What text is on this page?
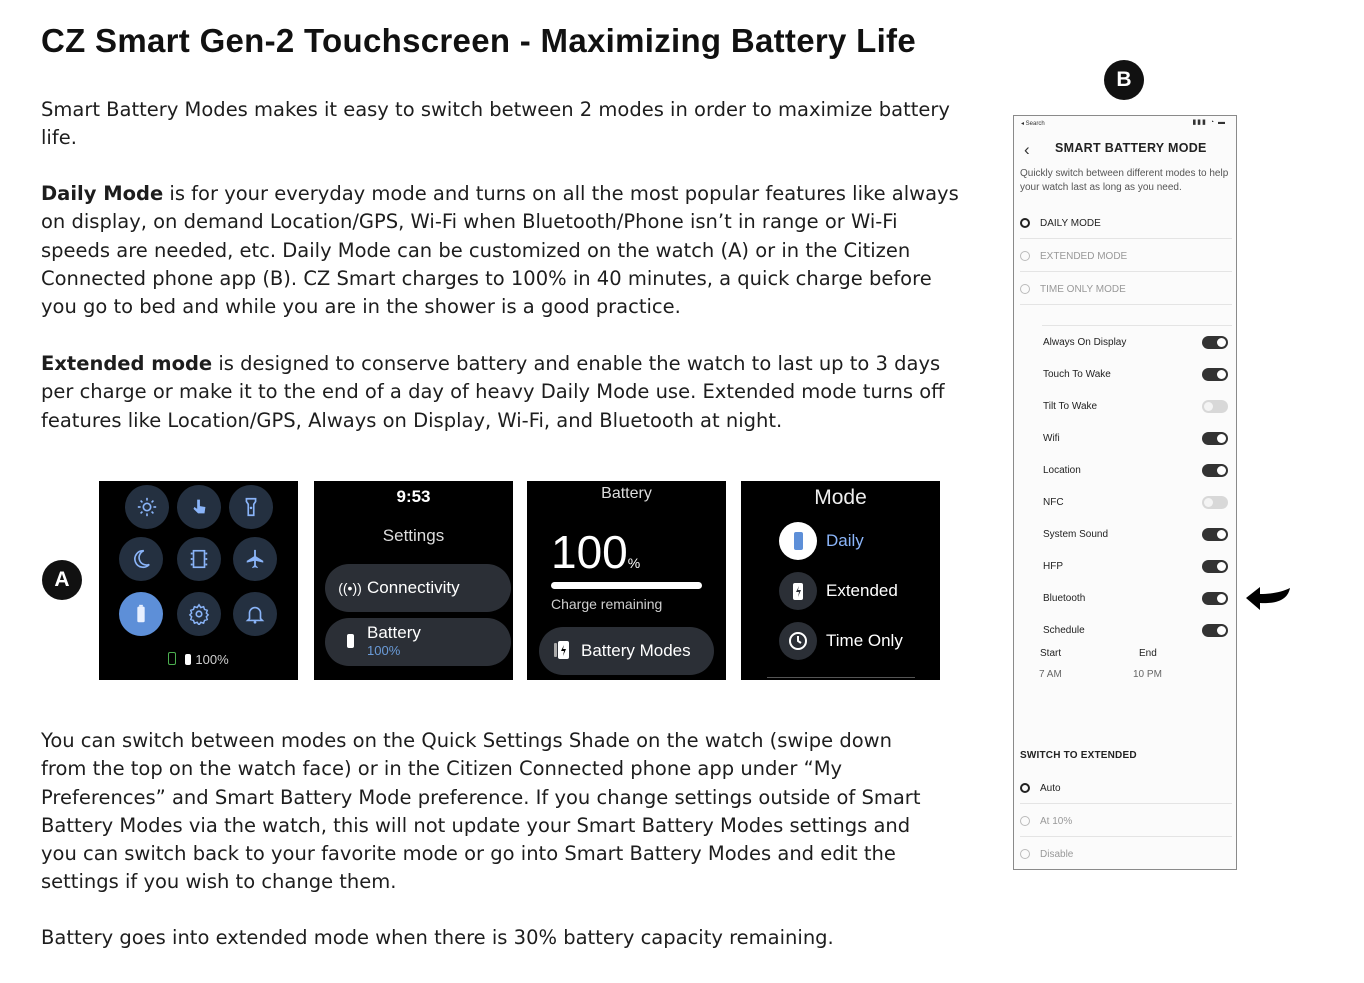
CZ Smart Gen-2 Touchscreen - Maximizing Battery Life

Smart Battery Modes makes it easy to switch between 2 modes in order to maximize battery life.

Daily Mode is for your everyday mode and turns on all the most popular features like always on display, on demand Location/GPS, Wi-Fi when Bluetooth/Phone isn’t in range or Wi-Fi speeds are needed, etc. Daily Mode can be customized on the watch (A) or in the Citizen Connected phone app (B). CZ Smart charges to 100% in 40 minutes, a quick charge before you go to bed and while you are in the shower is a good practice.

Extended mode is designed to conserve battery and enable the watch to last up to 3 days per charge or make it to the end of a day of heavy Daily Mode use. Extended mode turns off features like Location/GPS, Always on Display, Wi-Fi, and Bluetooth at night.

A
B
100%
9:53
Settings
((•)) Connectivity
Battery
100%
Battery
100%
Charge remaining
Battery Modes
Mode
Daily
Extended
Time Only

You can switch between modes on the Quick Settings Shade on the watch (swipe down from the top on the watch face) or in the Citizen Connected phone app under “My Preferences” and Smart Battery Mode preference. If you change settings outside of Smart Battery Modes via the watch, this will not update your Smart Battery Modes settings and you can switch back to your favorite mode or go into Smart Battery Modes and edit the settings if you wish to change them.

Battery goes into extended mode when there is 30% battery capacity remaining.

◂ Search	▮▮▮ ◔ ▬
‹ SMART BATTERY MODE
Quickly switch between different modes to help your watch last as long as you need.
DAILY MODE
EXTENDED MODE
TIME ONLY MODE
Always On Display
Touch To Wake
Tilt To Wake
Wifi
Location
NFC
System Sound
HFP
Bluetooth
Schedule
Start	End
7 AM	10 PM
SWITCH TO EXTENDED
Auto
At 10%
Disable
